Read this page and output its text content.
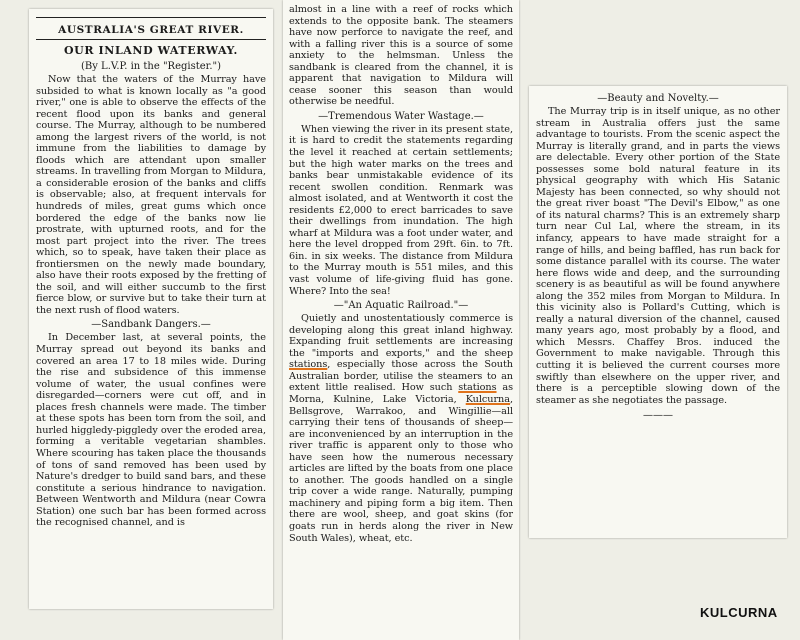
AUSTRALIA'S GREAT RIVER.
OUR INLAND WATERWAY.
(By L.V.P. in the "Register.")

Now that the waters of the Murray have subsided to what is known locally as "a good river," one is able to observe the effects of the recent flood upon its banks and general course. The Murray, although to be numbered among the largest rivers of the world, is not immune from the liabilities to damage by floods which are attendant upon smaller streams. In travelling from Morgan to Mildura, a considerable erosion of the banks and cliffs is observable; also, at frequent intervals for hundreds of miles, great gums which once bordered the edge of the banks now lie prostrate, with upturned roots, and for the most part project into the river. The trees which, so to speak, have taken their place as frontiersmen on the newly made boundary, also have their roots exposed by the fretting of the soil, and will either succumb to the first fierce blow, or survive but to take their turn at the next rush of flood waters.

—Sandbank Dangers.—

In December last, at several points, the Murray spread out beyond its banks and covered an area 17 to 18 miles wide. During the rise and subsidence of this immense volume of water, the usual confines were disregarded—corners were cut off, and in places fresh channels were made. The timber at these spots has been torn from the soil, and hurled higgledy-piggledy over the eroded area, forming a veritable vegetarian shambles. Where scouring has taken place the thousands of tons of sand removed has been used by Nature's dredger to build sand bars, and these constitute a serious hindrance to navigation. Between Wentworth and Mildura (near Cowra Station) one such bar has been formed across the recognised channel, and is

almost in a line with a reef of rocks which extends to the opposite bank. The steamers have now perforce to navigate the reef, and with a falling river this is a source of some anxiety to the helmsman. Unless the sandbank is cleared from the channel, it is apparent that navigation to Mildura will cease sooner this season than would otherwise be needful.

—Tremendous Water Wastage.—

When viewing the river in its present state, it is hard to credit the statements regarding the level it reached at certain settlements; but the high water marks on the trees and banks bear unmistakable evidence of its recent swollen condition. Renmark was almost isolated, and at Wentworth it cost the residents £2,000 to erect barricades to save their dwellings from inundation. The high wharf at Mildura was a foot under water, and here the level dropped from 29ft. 6in. to 7ft. 6in. in six weeks. The distance from Mildura to the Murray mouth is 551 miles, and this vast volume of life-giving fluid has gone. Where? Into the sea!

—"An Aquatic Railroad."—

Quietly and unostentatiously commerce is developing along this great inland highway. Expanding fruit settlements are increasing the "imports and exports," and the sheep stations, especially those across the South Australian border, utilise the steamers to an extent little realised. How such stations as Morna, Kulnine, Lake Victoria, Kulcurna, Bellsgrove, Warrakoo, and Wingillie—all carrying their tens of thousands of sheep—are inconvenienced by an interruption in the river traffic is apparent only to those who have seen how the numerous necessary articles are lifted by the boats from one place to another. The goods handled on a single trip cover a wide range. Naturally, pumping machinery and piping form a big item. Then there are wool, sheep, and goat skins (for goats run in herds along the river in New South Wales), wheat, etc.

—Beauty and Novelty.—

The Murray trip is in itself unique, as no other stream in Australia offers just the same advantage to tourists. From the scenic aspect the Murray is literally grand, and in parts the views are delectable. Every other portion of the State possesses some bold natural feature in its physical geography with which His Satanic Majesty has been connected, so why should not the great river boast "The Devil's Elbow," as one of its natural charms? This is an extremely sharp turn near Cul Lal, where the stream, in its infancy, appears to have made straight for a range of hills, and being baffled, has run back for some distance parallel with its course. The water here flows wide and deep, and the surrounding scenery is as beautiful as will be found anywhere along the 352 miles from Morgan to Mildura. In this vicinity also is Pollard's Cutting, which is really a natural diversion of the channel, caused many years ago, most probably by a flood, and which Messrs. Chaffey Bros. induced the Government to make navigable. Through this cutting it is believed the current courses more swiftly than elsewhere on the upper river, and there is a perceptible slowing down of the steamer as she negotiates the passage.

———
KULCURNA
